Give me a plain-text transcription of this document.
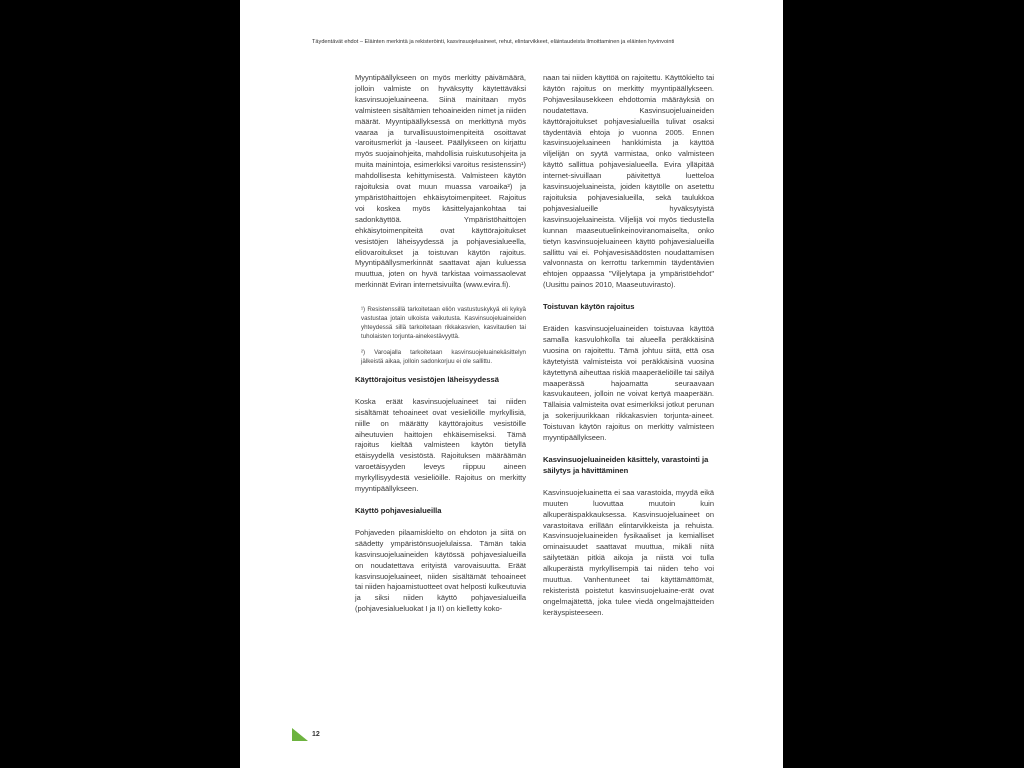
Täydentävät ehdot – Eläinten merkintä ja rekisteröinti, kasvinsuojeluaineet, rehut, elintarvikkeet, eläintaudeista ilmoittaminen ja eläinten hyvinvointi

Myyntipäällykseen on myös merkitty päivämäärä, jolloin valmiste on hyväksytty käytettäväksi kasvinsuojeluaineena. Siinä mainitaan myös valmisteen sisältämien tehoaineiden nimet ja niiden määrät. Myyntipäällyksessä on merkittynä myös vaaraa ja turvallisuustoimenpiteitä osoittavat varoitusmerkit ja -lauseet. Päällykseen on kirjattu myös suojainohjeita, mahdollisia ruiskutusohjeita ja muita mainintoja, esimerkiksi varoitus resistenssin¹) mahdollisesta kehittymisestä. Valmisteen käytön rajoituksia ovat muun muassa varoaika²) ja ympäristöhaittojen ehkäisytoimenpiteet. Rajoitus voi koskea myös käsittelyajankohtaa tai sadonkäyttöä. Ympäristöhaittojen ehkäisytoimenpiteitä ovat käyttörajoitukset vesistöjen läheisyydessä ja pohjavesialueella, eliövaroitukset ja toistuvan käytön rajoitus. Myyntipäällysmerkinnät saattavat ajan kuluessa muuttua, joten on hyvä tarkistaa voimassaolevat merkinnät Eviran internetsivuilta (www.evira.fi).

¹) Resistenssillä tarkoitetaan eliön vastustuskykyä eli kykyä vastustaa jotain ulkoista vaikutusta. Kasvinsuojeluaineiden yhteydessä sillä tarkoitetaan rikkakasvien, kasvitautien tai tuholaisten torjunta-ainekestävyyttä.

²) Varoajalla tarkoitetaan kasvinsuojeluainekäsittelyn jälkeistä aikaa, jolloin sadonkorjuu ei ole sallittu.

Käyttörajoitus vesistöjen läheisyydessä

Koska eräät kasvinsuojeluaineet tai niiden sisältämät tehoaineet ovat vesieliöille myrkyllisiä, niille on määrätty käyttörajoitus vesistöille aiheutuvien haittojen ehkäisemiseksi. Tämä rajoitus kieltää valmisteen käytön tietyllä etäisyydellä vesistöstä. Rajoituksen määräämän varoetäisyyden leveys riippuu aineen myrkyllisyydestä vesieliöille. Rajoitus on merkitty myyntipäällykseen.

Käyttö pohjavesialueilla

Pohjaveden pilaamiskielto on ehdoton ja siitä on säädetty ympäristönsuojelulaissa. Tämän takia kasvinsuojeluaineiden käytössä pohjavesialueilla on noudatettava erityistä varovaisuutta. Eräät kasvinsuojeluaineet, niiden sisältämät tehoaineet tai niiden hajoamistuotteet ovat helposti kulkeutuvia ja siksi niiden käyttö pohjavesialueilla (pohjavesialueluokat I ja II) on kielletty koko-

naan tai niiden käyttöä on rajoitettu. Käyttökielto tai käytön rajoitus on merkitty myyntipäällykseen. Pohjavesilausekkeen ehdottomia määräyksiä on noudatettava. Kasvinsuojeluaineiden käyttörajoitukset pohjavesialueilla tulivat osaksi täydentäviä ehtoja jo vuonna 2005. Ennen kasvinsuojeluaineen hankkimista ja käyttöä viljelijän on syytä varmistaa, onko valmisteen käyttö sallittua pohjavesialueella. Evira ylläpitää internet-sivuillaan päivitettyä luetteloa kasvinsuojeluaineista, joiden käytölle on asetettu rajoituksia pohjavesialueilla, sekä taulukkoa pohjavesialueille hyväksytyistä kasvinsuojeluaineista. Viljelijä voi myös tiedustella kunnan maaseutuelinkeinoviranomaiselta, onko tietyn kasvinsuojeluaineen käyttö pohjavesialueilla sallittu vai ei. Pohjavesisäädösten noudattamisen valvonnasta on kerrottu tarkemmin täydentävien ehtojen oppaassa "Viljelytapa ja ympäristöehdot" (Uusittu painos 2010, Maaseutuvirasto).

Toistuvan käytön rajoitus

Eräiden kasvinsuojeluaineiden toistuvaa käyttöä samalla kasvulohkolla tai alueella peräkkäisinä vuosina on rajoitettu. Tämä johtuu siitä, että osa käytetyistä valmisteista voi peräkkäisinä vuosina käytettynä aiheuttaa riskiä maaperäeliöille tai säilyä maaperässä hajoamatta seuraavaan kasvukauteen, jolloin ne voivat kertyä maaperään. Tällaisia valmisteita ovat esimerkiksi jotkut perunan ja sokerijuurikkaan rikkakasvien torjunta-aineet. Toistuvan käytön rajoitus on merkitty valmisteen myyntipäällykseen.

Kasvinsuojeluaineiden käsittely, varastointi ja säilytys ja hävittäminen

Kasvinsuojeluainetta ei saa varastoida, myydä eikä muuten luovuttaa muutoin kuin alkuperäispakkauksessa. Kasvinsuojeluaineet on varastoitava erillään elintarvikkeista ja rehuista. Kasvinsuojeluaineiden fysikaaliset ja kemialliset ominaisuudet saattavat muuttua, mikäli niitä säilytetään pitkiä aikoja ja niistä voi tulla alkuperäistä myrkyllisempiä tai niiden teho voi muuttua. Vanhentuneet tai käyttämättömät, rekisteristä poistetut kasvinsuojeluaine-erät ovat ongelmajätettä, joka tulee viedä ongelmajätteiden keräyspisteeseen.

12
